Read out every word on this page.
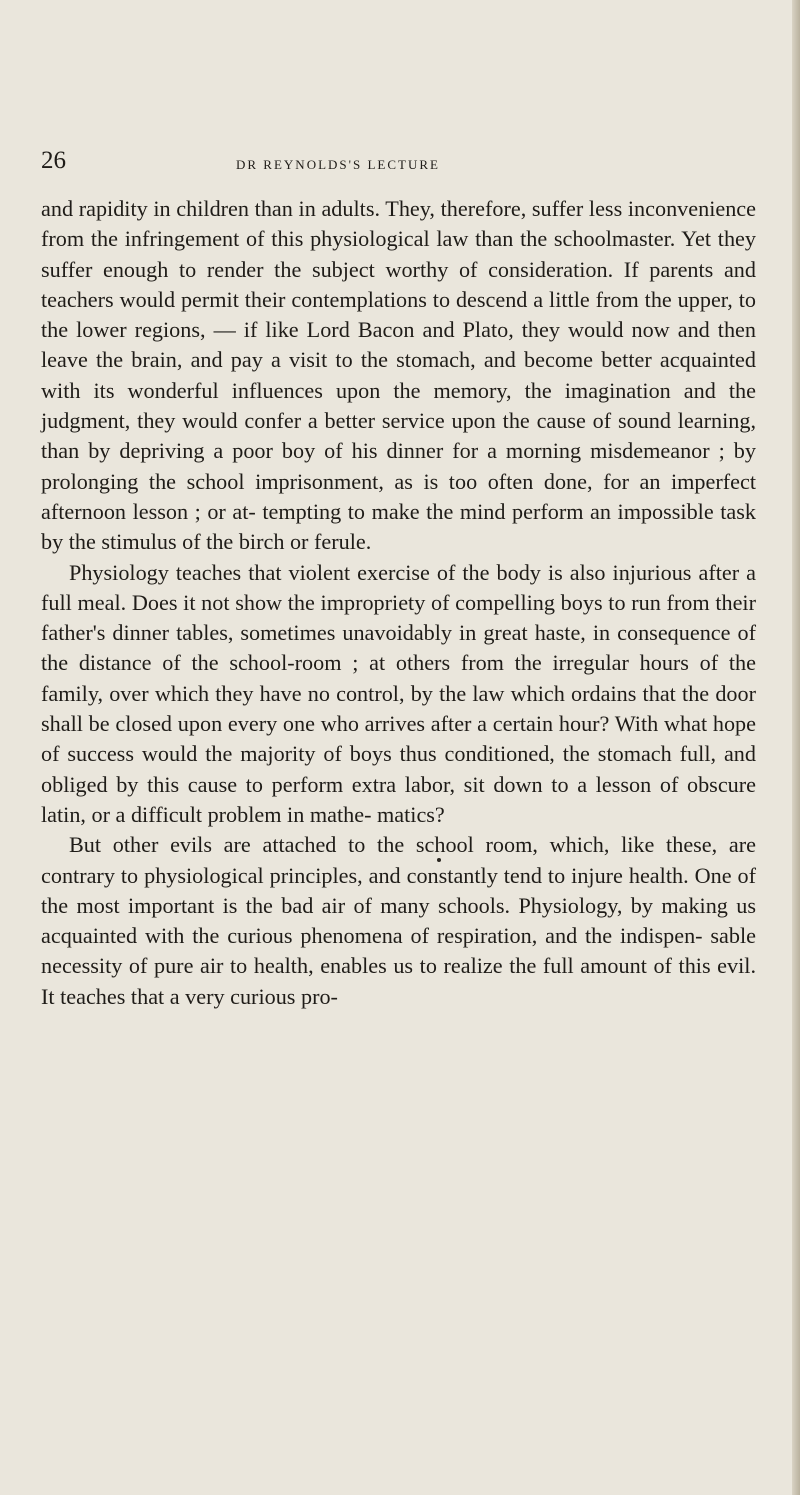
26	DR REYNOLDS'S LECTURE

and rapidity in children than in adults. They, therefore, suffer less inconvenience from the infringement of this physiological law than the schoolmaster. Yet they suffer enough to render the subject worthy of consideration. If parents and teachers would permit their contemplations to descend a little from the upper, to the lower regions, — if like Lord Bacon and Plato, they would now and then leave the brain, and pay a visit to the stomach, and become better acquainted with its wonderful influences upon the memory, the imagination and the judgment, they would confer a better service upon the cause of sound learning, than by depriving a poor boy of his dinner for a morning misdemeanor ; by prolonging the school imprisonment, as is too often done, for an imperfect afternoon lesson ; or at- tempting to make the mind perform an impossible task by the stimulus of the birch or ferule.

Physiology teaches that violent exercise of the body is also injurious after a full meal. Does it not show the impropriety of compelling boys to run from their father's dinner tables, sometimes unavoidably in great haste, in consequence of the distance of the school-room ; at others from the irregular hours of the family, over which they have no control, by the law which ordains that the door shall be closed upon every one who arrives after a certain hour? With what hope of success would the majority of boys thus conditioned, the stomach full, and obliged by this cause to perform extra labor, sit down to a lesson of obscure latin, or a difficult problem in mathe- matics?

But other evils are attached to the school room, which, like these, are contrary to physiological principles, and constantly tend to injure health. One of the most important is the bad air of many schools. Physiology, by making us acquainted with the curious phenomena of respiration, and the indispen- sable necessity of pure air to health, enables us to realize the full amount of this evil. It teaches that a very curious pro-
